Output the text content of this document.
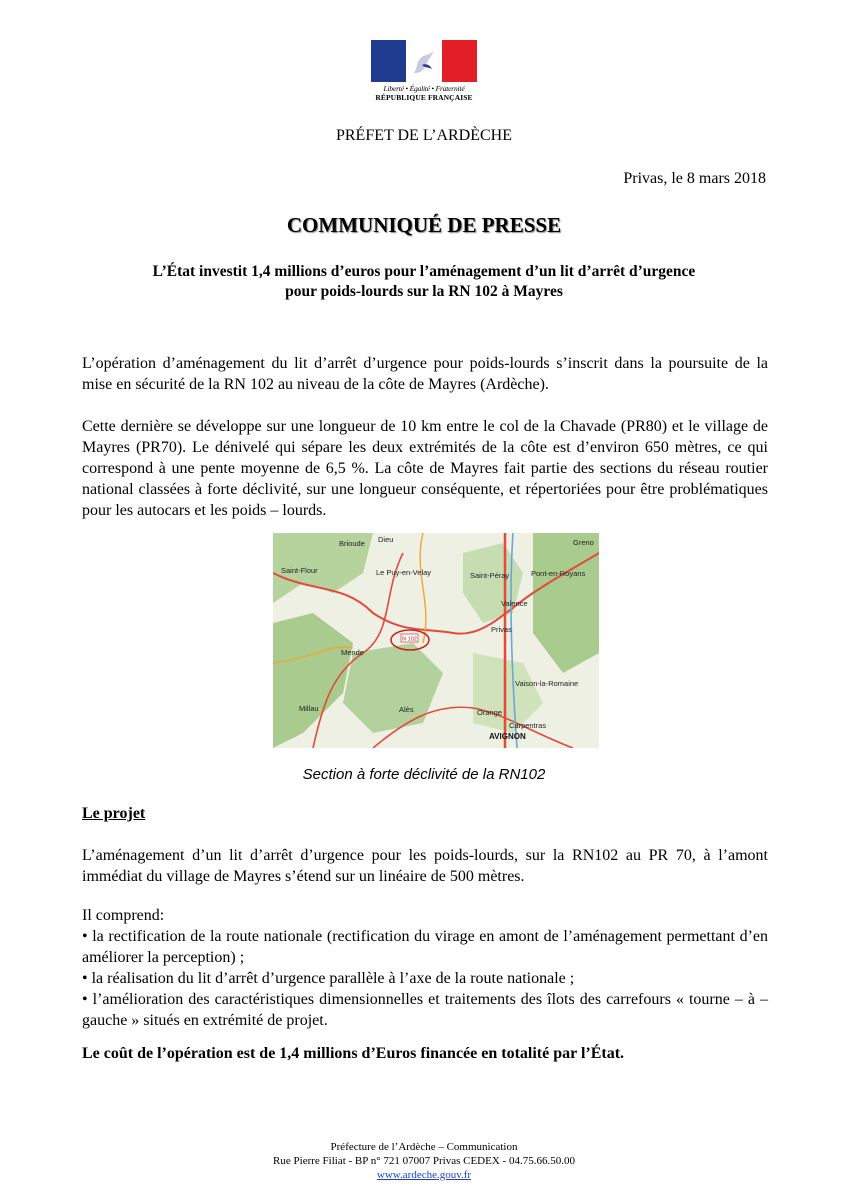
Liberté • Égalité • Fraternité
RÉPUBLIQUE FRANÇAISE
PRÉFET DE L’ARDÈCHE
Privas, le 8 mars 2018
COMMUNIQUÉ DE PRESSE
L’État investit 1,4 millions d’euros pour l’aménagement d’un lit d’arrêt d’urgence
pour poids-lourds sur la RN 102 à Mayres
L’opération d’aménagement du lit d’arrêt d’urgence pour poids-lourds s’inscrit dans la poursuite de la mise en sécurité de la RN 102 au niveau de la côte de Mayres (Ardèche).
Cette dernière se développe sur une longueur de 10 km entre le col de la Chavade (PR80) et le village de Mayres (PR70). Le dénivelé qui sépare les deux extrémités de la côte est d’environ 650 mètres, ce qui correspond à une pente moyenne de 6,5 %. La côte de Mayres fait partie des sections du réseau routier national classées à forte déclivité, sur une longueur conséquente, et répertoriées pour être problématiques pour les autocars et les poids – lourds.
N 102
Brioude Dieu
Saint-Flour	Le Puy-en-Velay	Saint-Péray	Pont-en-Royans
Valence
Privas
Mende
Millau	Alès
Vaison-la-Romaine
Orange
Carpentras
AVIGNON
Greno
Section à forte déclivité de la RN102
Le projet
L’aménagement d’un lit d’arrêt d’urgence pour les poids-lourds, sur la RN102 au PR 70, à l’amont immédiat du village de Mayres s’étend sur un linéaire de 500 mètres.
Il comprend:
• la rectification de la route nationale (rectification du virage en amont de l’aménagement permettant d’en améliorer la perception) ;
• la réalisation du lit d’arrêt d’urgence parallèle à l’axe de la route nationale ;
• l’amélioration des caractéristiques dimensionnelles et traitements des îlots des carrefours « tourne – à – gauche » situés en extrémité de projet.
Le coût de l’opération est de 1,4 millions d’Euros financée en totalité par l’État.
Préfecture de l’Ardèche – Communication
Rue Pierre Filiat - BP n° 721 07007 Privas CEDEX - 04.75.66.50.00
www.ardeche.gouv.fr
